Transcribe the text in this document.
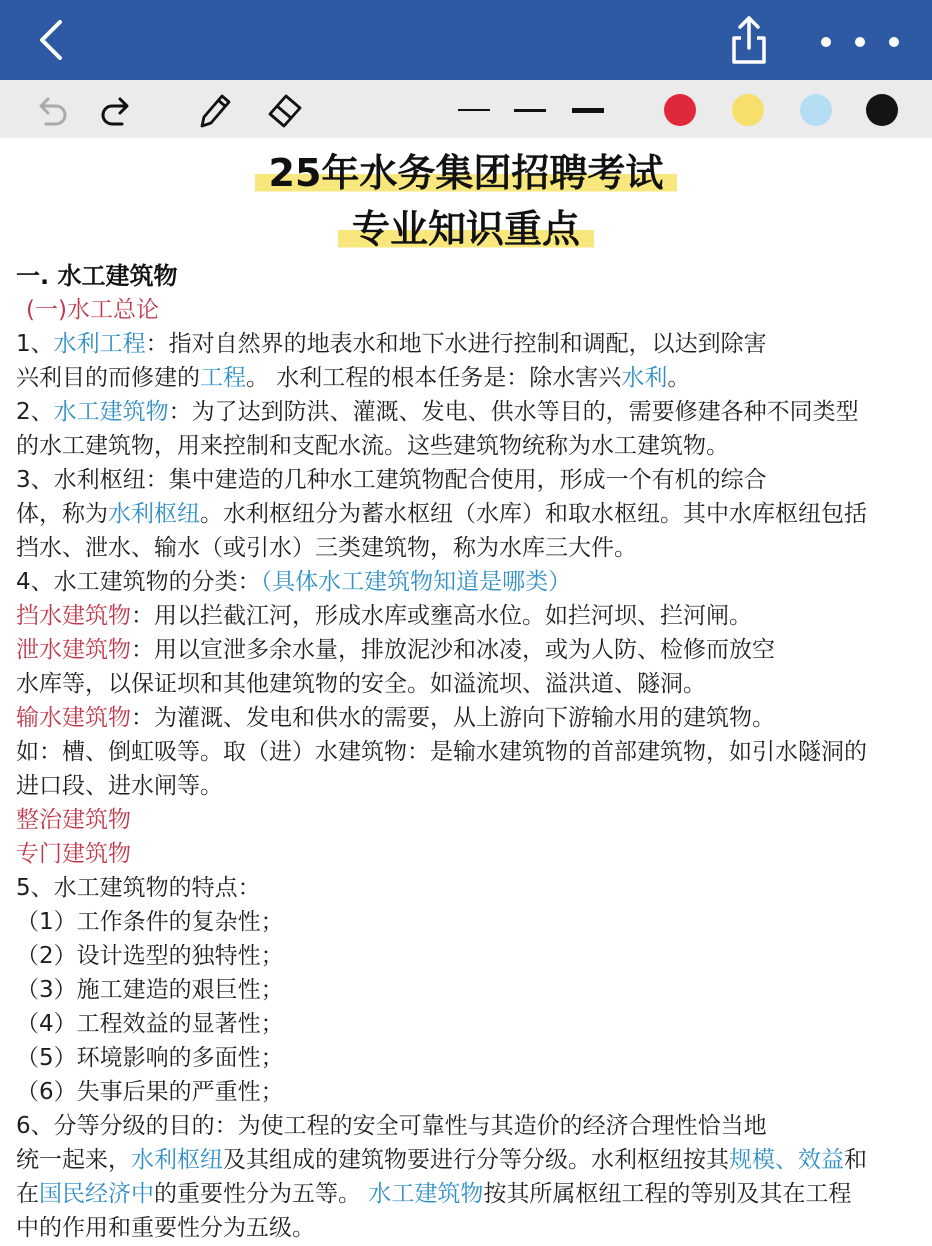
25年水务集团招聘考试
专业知识重点
一. 水工建筑物
(一)水工总论
1、水利工程：指对自然界的地表水和地下水进行控制和调配，以达到除害
兴利目的而修建的工程。 水利工程的根本任务是：除水害兴水利。
2、水工建筑物：为了达到防洪、灌溉、发电、供水等目的，需要修建各种不同类型
的水工建筑物，用来控制和支配水流。这些建筑物统称为水工建筑物。
3、水利枢纽：集中建造的几种水工建筑物配合使用，形成一个有机的综合
体，称为水利枢纽。水利枢纽分为蓄水枢纽（水库）和取水枢纽。其中水库枢纽包括
挡水、泄水、输水（或引水）三类建筑物，称为水库三大件。
4、水工建筑物的分类：（具体水工建筑物知道是哪类）
挡水建筑物：用以拦截江河，形成水库或壅高水位。如拦河坝、拦河闸。
泄水建筑物：用以宣泄多余水量，排放泥沙和冰凌，或为人防、检修而放空
水库等，以保证坝和其他建筑物的安全。如溢流坝、溢洪道、隧洞。
输水建筑物：为灌溉、发电和供水的需要，从上游向下游输水用的建筑物。
如：槽、倒虹吸等。取（进）水建筑物：是输水建筑物的首部建筑物，如引水隧洞的
进口段、进水闸等。
整治建筑物
专门建筑物
5、水工建筑物的特点：
（1）工作条件的复杂性；
（2）设计选型的独特性；
（3）施工建造的艰巨性；
（4）工程效益的显著性；
（5）环境影响的多面性；
（6）失事后果的严重性；
6、分等分级的目的：为使工程的安全可靠性与其造价的经济合理性恰当地
统一起来，水利枢纽及其组成的建筑物要进行分等分级。水利枢纽按其规模、效益和
在国民经济中的重要性分为五等。 水工建筑物按其所属枢纽工程的等别及其在工程
中的作用和重要性分为五级。
